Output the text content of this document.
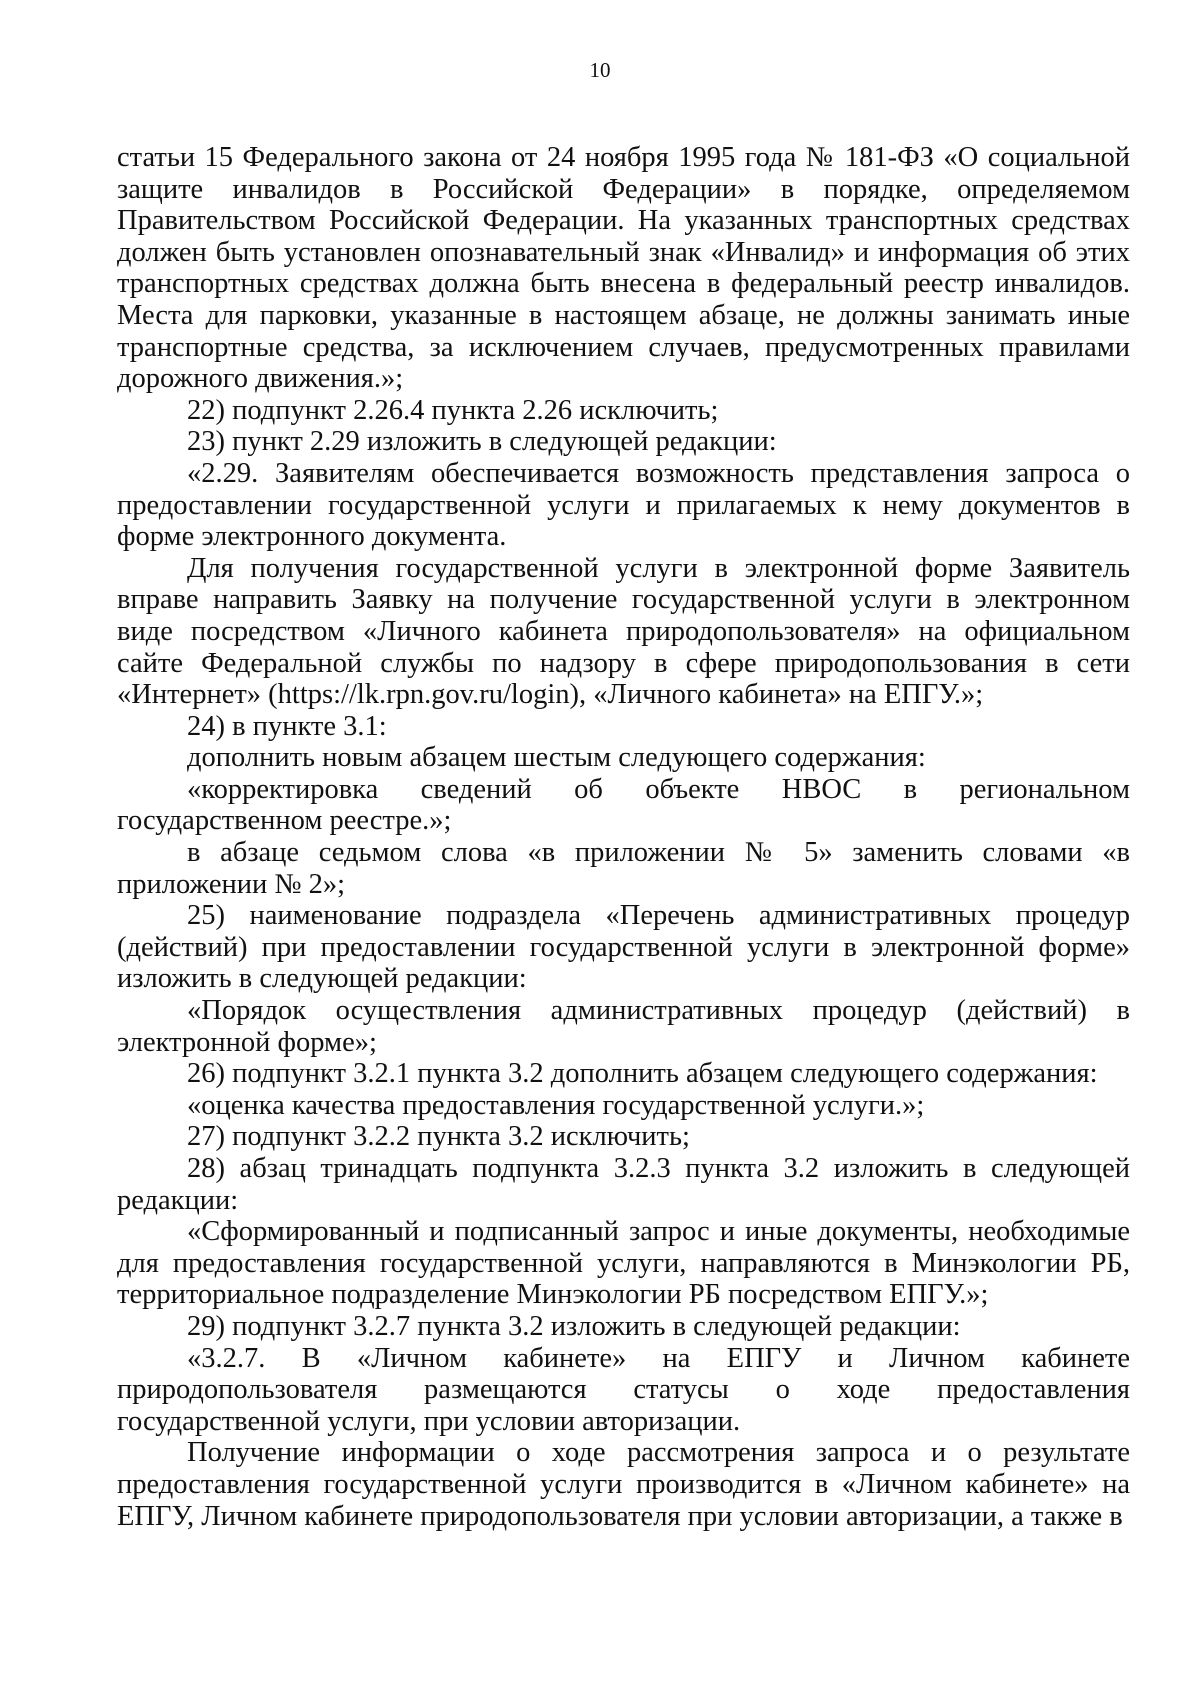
10

статьи 15 Федерального закона от 24 ноября 1995 года № 181-ФЗ «О социальной защите инвалидов в Российской Федерации» в порядке, определяемом Правительством Российской Федерации. На указанных транспортных средствах должен быть установлен опознавательный знак «Инвалид» и информация об этих транспортных средствах должна быть внесена в федеральный реестр инвалидов. Места для парковки, указанные в настоящем абзаце, не должны занимать иные транспортные средства, за исключением случаев, предусмотренных правилами дорожного движения.»;

22) подпункт 2.26.4 пункта 2.26 исключить;

23) пункт 2.29 изложить в следующей редакции:

«2.29. Заявителям обеспечивается возможность представления запроса о предоставлении государственной услуги и прилагаемых к нему документов в форме электронного документа.

Для получения государственной услуги в электронной форме Заявитель вправе направить Заявку на получение государственной услуги в электронном виде посредством «Личного кабинета природопользователя» на официальном сайте Федеральной службы по надзору в сфере природопользования в сети «Интернет» (https://lk.rpn.gov.ru/login), «Личного кабинета» на ЕПГУ.»;

24) в пункте 3.1:

дополнить новым абзацем шестым следующего содержания:

«корректировка сведений об объекте НВОС в региональном государственном реестре.»;

в абзаце седьмом слова «в приложении № 5» заменить словами «в приложении № 2»;

25) наименование подраздела «Перечень административных процедур (действий) при предоставлении государственной услуги в электронной форме» изложить в следующей редакции:

«Порядок осуществления административных процедур (действий) в электронной форме»;

26) подпункт 3.2.1 пункта 3.2 дополнить абзацем следующего содержания:

«оценка качества предоставления государственной услуги.»;

27) подпункт 3.2.2 пункта 3.2 исключить;

28) абзац тринадцать подпункта 3.2.3 пункта 3.2 изложить в следующей редакции:

«Сформированный и подписанный запрос и иные документы, необходимые для предоставления государственной услуги, направляются в Минэкологии РБ, территориальное подразделение Минэкологии РБ посредством ЕПГУ.»;

29) подпункт 3.2.7 пункта 3.2 изложить в следующей редакции:

«3.2.7. В «Личном кабинете» на ЕПГУ и Личном кабинете природопользователя размещаются статусы о ходе предоставления государственной услуги, при условии авторизации.

Получение информации о ходе рассмотрения запроса и о результате предоставления государственной услуги производится в «Личном кабинете» на ЕПГУ, Личном кабинете природопользователя при условии авторизации, а также в
